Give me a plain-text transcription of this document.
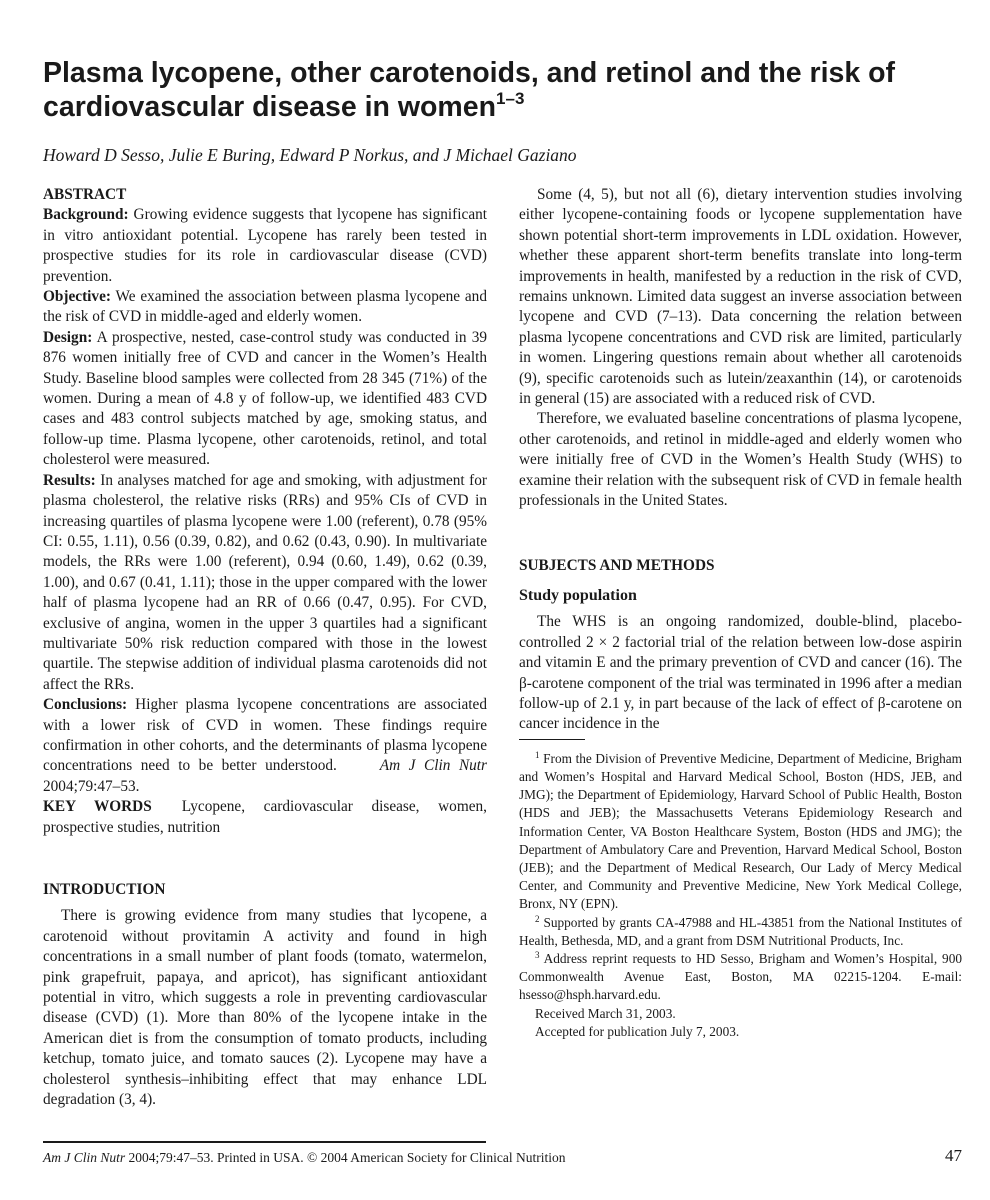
Plasma lycopene, other carotenoids, and retinol and the risk of cardiovascular disease in women$^{1-3}$
Howard D Sesso, Julie E Buring, Edward P Norkus, and J Michael Gaziano
ABSTRACT

Background: Growing evidence suggests that lycopene has significant in vitro antioxidant potential. Lycopene has rarely been tested in prospective studies for its role in cardiovascular disease (CVD) prevention.

Objective: We examined the association between plasma lycopene and the risk of CVD in middle-aged and elderly women.

Design: A prospective, nested, case-control study was conducted in 39 876 women initially free of CVD and cancer in the Women’s Health Study. Baseline blood samples were collected from 28 345 (71%) of the women. During a mean of 4.8 y of follow-up, we identified 483 CVD cases and 483 control subjects matched by age, smoking status, and follow-up time. Plasma lycopene, other carotenoids, retinol, and total cholesterol were measured.

Results: In analyses matched for age and smoking, with adjustment for plasma cholesterol, the relative risks (RRs) and 95% CIs of CVD in increasing quartiles of plasma lycopene were 1.00 (referent), 0.78 (95% CI: 0.55, 1.11), 0.56 (0.39, 0.82), and 0.62 (0.43, 0.90). In multivariate models, the RRs were 1.00 (referent), 0.94 (0.60, 1.49), 0.62 (0.39, 1.00), and 0.67 (0.41, 1.11); those in the upper compared with the lower half of plasma lycopene had an RR of 0.66 (0.47, 0.95). For CVD, exclusive of angina, women in the upper 3 quartiles had a significant multivariate 50% risk reduction compared with those in the lowest quartile. The stepwise addition of individual plasma carotenoids did not affect the RRs.

Conclusions: Higher plasma lycopene concentrations are associated with a lower risk of CVD in women. These findings require confirmation in other cohorts, and the determinants of plasma lycopene concentrations need to be better understood.	Am J Clin Nutr 2004;79:47–53.

KEY WORDS Lycopene, cardiovascular disease, women, prospective studies, nutrition

INTRODUCTION

There is growing evidence from many studies that lycopene, a carotenoid without provitamin A activity and found in high concentrations in a small number of plant foods (tomato, watermelon, pink grapefruit, papaya, and apricot), has significant antioxidant potential in vitro, which suggests a role in preventing cardiovascular disease (CVD) (1). More than 80% of the lycopene intake in the American diet is from the consumption of tomato products, including ketchup, tomato juice, and tomato sauces (2). Lycopene may have a cholesterol synthesis–inhibiting effect that may enhance LDL degradation (3, 4).

Some (4, 5), but not all (6), dietary intervention studies involving either lycopene-containing foods or lycopene supplementation have shown potential short-term improvements in LDL oxidation. However, whether these apparent short-term benefits translate into long-term improvements in health, manifested by a reduction in the risk of CVD, remains unknown. Limited data suggest an inverse association between lycopene and CVD (7–13). Data concerning the relation between plasma lycopene concentrations and CVD risk are limited, particularly in women. Lingering questions remain about whether all carotenoids (9), specific carotenoids such as lutein/zeaxanthin (14), or carotenoids in general (15) are associated with a reduced risk of CVD.

Therefore, we evaluated baseline concentrations of plasma lycopene, other carotenoids, and retinol in middle-aged and elderly women who were initially free of CVD in the Women’s Health Study (WHS) to examine their relation with the subsequent risk of CVD in female health professionals in the United States.

SUBJECTS AND METHODS
Study population

The WHS is an ongoing randomized, double-blind, placebo-controlled 2 × 2 factorial trial of the relation between low-dose aspirin and vitamin E and the primary prevention of CVD and cancer (16). The β-carotene component of the trial was terminated in 1996 after a median follow-up of 2.1 y, in part because of the lack of effect of β-carotene on cancer incidence in the

$^1$ From the Division of Preventive Medicine, Department of Medicine, Brigham and Women’s Hospital and Harvard Medical School, Boston (HDS, JEB, and JMG); the Department of Epidemiology, Harvard School of Public Health, Boston (HDS and JEB); the Massachusetts Veterans Epidemiology Research and Information Center, VA Boston Healthcare System, Boston (HDS and JMG); the Department of Ambulatory Care and Prevention, Harvard Medical School, Boston (JEB); and the Department of Medical Research, Our Lady of Mercy Medical Center, and Community and Preventive Medicine, New York Medical College, Bronx, NY (EPN).

$^2$ Supported by grants CA-47988 and HL-43851 from the National Institutes of Health, Bethesda, MD, and a grant from DSM Nutritional Products, Inc.

$^3$ Address reprint requests to HD Sesso, Brigham and Women’s Hospital, 900 Commonwealth Avenue East, Boston, MA 02215-1204. E-mail: hsesso@hsph.harvard.edu.

Received March 31, 2003.
Accepted for publication July 7, 2003.
Am J Clin Nutr 2004;79:47–53. Printed in USA. © 2004 American Society for Clinical Nutrition	47
